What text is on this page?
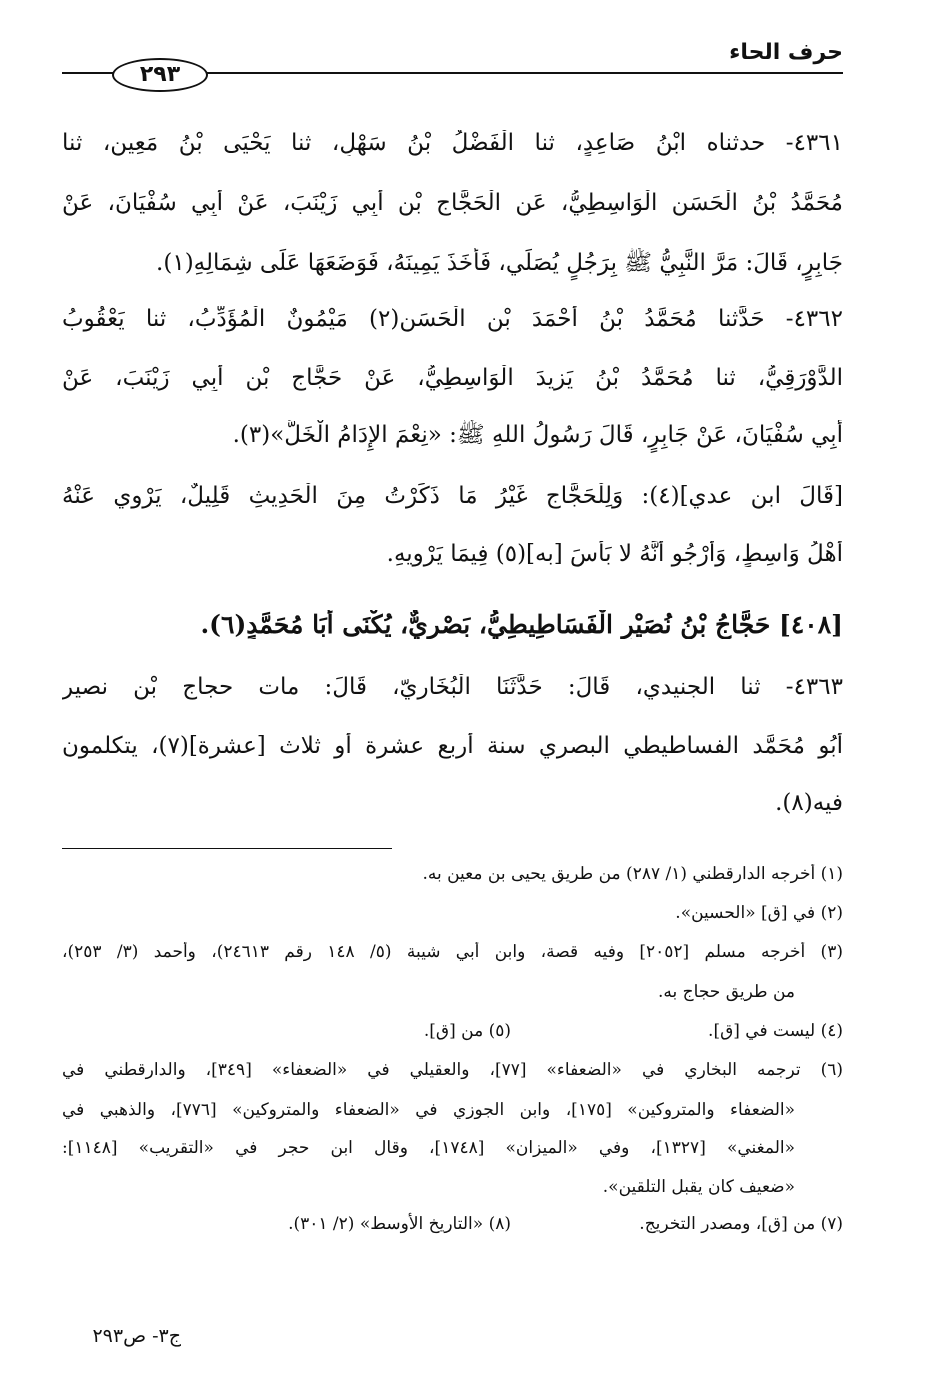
حرف الحاء
٢٩٣
٤٣٦١- حدثناه ابْنُ صَاعِدٍ، ثنا الْفَضْلُ بْنُ سَهْلٍ، ثنا يَحْيَى بْنُ مَعِينٍ، ثنا
مُحَمَّدُ بْنُ الْحَسَنِ الْوَاسِطِيُّ، عَنِ الْحَجَّاجِ بْنِ أَبِي زَيْنَبَ، عَنْ أَبِي سُفْيَانَ، عَنْ
جَابِرٍ، قَالَ: مَرَّ النَّبِيُّ ﷺ بِرَجُلٍ يُصَلِّي، فَأَخَذَ يَمِينَهُ، فَوَضَعَهَا عَلَى شِمَالِهِ(١).
٤٣٦٢- حَدَّثنا مُحَمَّدُ بْنُ أَحْمَدَ بْنِ الْحَسَنِ(٢) مَيْمُونٌ الْمُؤَدِّبُ، ثنا يَعْقُوبُ
الدَّوْرَقِيُّ، ثنا مُحَمَّدُ بْنُ يَزِيدَ الْوَاسِطِيُّ، عَنْ حَجَّاجِ بْنِ أَبِي زَيْنَبَ، عَنْ
أَبِي سُفْيَانَ، عَنْ جَابِرٍ، قَالَ رَسُولُ اللهِ ﷺ: «نِعْمَ الإِدَامُ الْخَلُّ»(٣).
[قَالَ ابن عدي](٤): وَلِلْحَجَّاجِ غَيْرُ مَا ذَكَرْتُ مِنَ الْحَدِيثِ قَلِيلٌ، يَرْوِي عَنْهُ
أَهْلُ وَاسِطٍ، وَأَرْجُو أَنَّهُ لا بَأْسَ [به](٥) فِيمَا يَرْوِيهِ.
[٤٠٨] حَجَّاجُ بْنُ نُصَيْرٍ الْفَسَاطِيطِيُّ، بَصْرِيٌّ، يُكْنَى أَبَا مُحَمَّدٍ(٦).
٤٣٦٣- ثنا الجنيدي، قَالَ: حَدَّثَنَا الْبُخَارِيّ، قَالَ: مات حجاج بْن نصير
أَبُو مُحَمَّد الفساطيطي البصري سنة أربع عشرة أو ثلاث [عشرة](٧)، يتكلمون
فيه(٨).
(١) أخرجه الدارقطني (١/ ٢٨٧) من طريق يحيى بن معين به.
(٢) في [ق] «الحسين».
(٣) أخرجه مسلم [٢٠٥٢] وفيه قصة، وابن أبي شيبة (٥/ ١٤٨ رقم ٢٤٦١٣)، وأحمد (٣/ ٢٥٣)،
من طريق حجاج به.
(٤) ليست في [ق].
(٥) من [ق].
(٦) ترجمه البخاري في «الضعفاء» [٧٧]، والعقيلي في «الضعفاء» [٣٤٩]، والدارقطني في
«الضعفاء والمتروكين» [١٧٥]، وابن الجوزي في «الضعفاء والمتروكين» [٧٧٦]، والذهبي في
«المغني» [١٣٢٧]، وفي «الميزان» [١٧٤٨]، وقال ابن حجر في «التقريب» [١١٤٨]:
«ضعيف كان يقبل التلقين».
(٧) من [ق]، ومصدر التخريج.
(٨) «التاريخ الأوسط» (٢/ ٣٠١).
ج٣- ص٢٩٣
